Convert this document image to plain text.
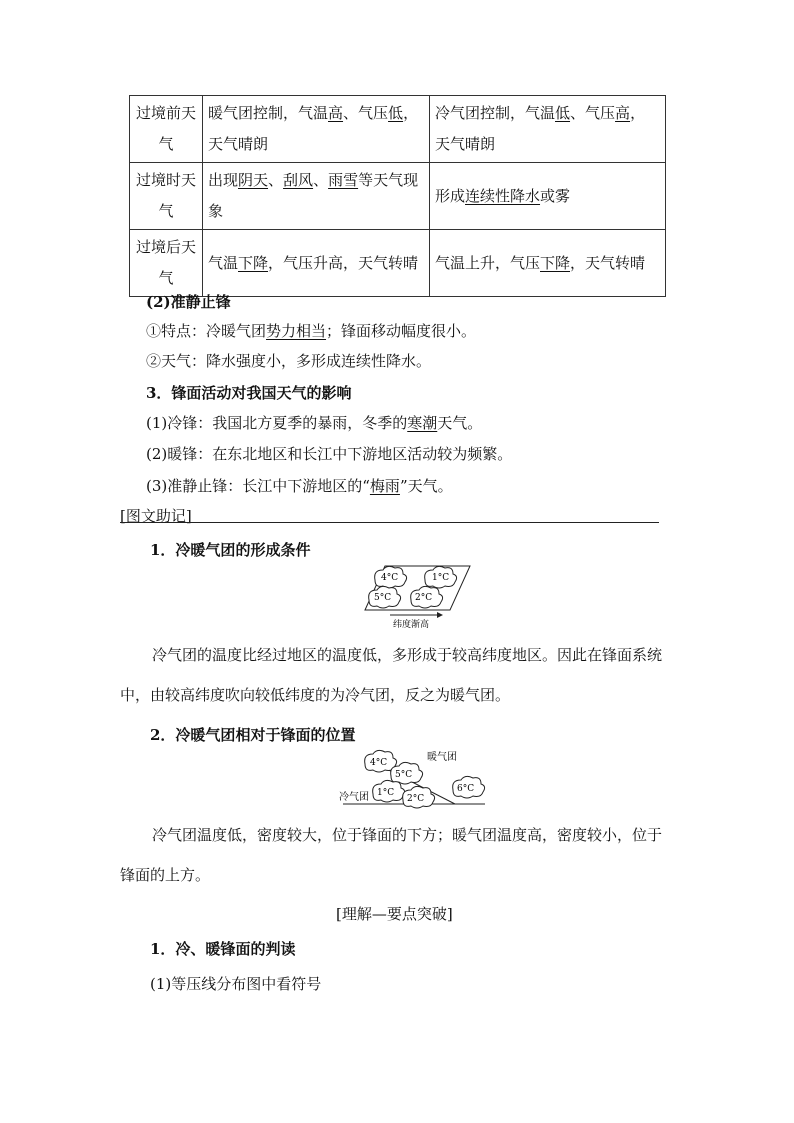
过境前天气	暖气团控制，气温高、气压低，天气晴朗	冷气团控制，气温低、气压高，天气晴朗
过境时天气	出现阴天、刮风、雨雪等天气现象	形成连续性降水或雾
过境后天气	气温下降，气压升高，天气转晴	气温上升，气压下降，天气转晴
(2)准静止锋
①特点：冷暖气团势力相当；锋面移动幅度很小。
②天气：降水强度小，多形成连续性降水。
3．锋面活动对我国天气的影响
(1)冷锋：我国北方夏季的暴雨，冬季的寒潮天气。
(2)暖锋：在东北地区和长江中下游地区活动较为频繁。
(3)准静止锋：长江中下游地区的“梅雨”天气。
[图文助记]
1．冷暖气团的形成条件
4°C	1°C
5°C	2°C
纬度渐高
冷气团的温度比经过地区的温度低，多形成于较高纬度地区。因此在锋面系统中，由较高纬度吹向较低纬度的为冷气团，反之为暖气团。
2．冷暖气团相对于锋面的位置
4°C	暖气团
5°C
冷气团 1°C
2°C
6°C
冷气团温度低，密度较大，位于锋面的下方；暖气团温度高，密度较小，位于锋面的上方。
[理解—要点突破]
1．冷、暖锋面的判读
(1)等压线分布图中看符号
